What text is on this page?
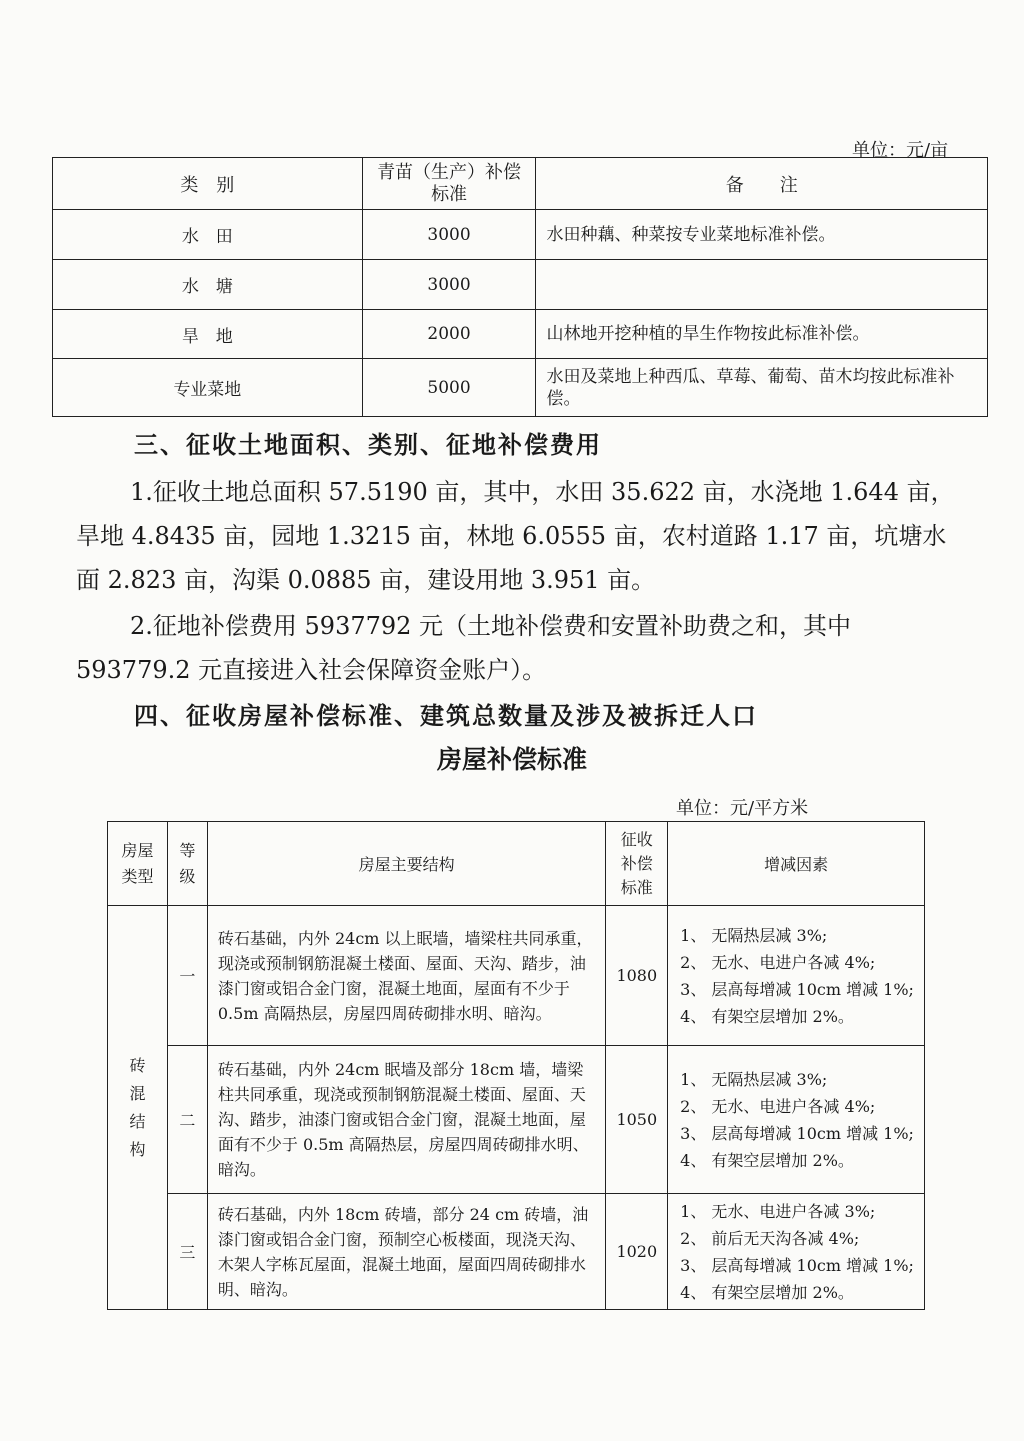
单位：元/亩
类　别	青苗（生产）补偿标准	备　　注
水　田	3000	水田种藕、种菜按专业菜地标准补偿。
水　塘	3000	
旱　地	2000	山林地开挖种植的旱生作物按此标准补偿。
专业菜地	5000	水田及菜地上种西瓜、草莓、葡萄、苗木均按此标准补偿。
三、征收土地面积、类别、征地补偿费用
1.征收土地总面积 57.5190 亩，其中，水田 35.622 亩，水浇地 1.644 亩，旱地 4.8435 亩，园地 1.3215 亩，林地 6.0555 亩，农村道路 1.17 亩，坑塘水面 2.823 亩，沟渠 0.0885 亩，建设用地 3.951 亩。
2.征地补偿费用 5937792 元（土地补偿费和安置补助费之和，其中 593779.2 元直接进入社会保障资金账户）。
四、征收房屋补偿标准、建筑总数量及涉及被拆迁人口
房屋补偿标准
单位：元/平方米
房屋类型	等级	房屋主要结构	征收补偿标准	增减因素
砖混结构	一	砖石基础，内外 24cm 以上眠墙，墙梁柱共同承重，现浇或预制钢筋混凝土楼面、屋面、天沟、踏步，油漆门窗或铝合金门窗，混凝土地面，屋面有不少于 0.5m 高隔热层，房屋四周砖砌排水明、暗沟。	1080	1、 无隔热层减 3%;
2、 无水、电进户各减 4%;
3、 层高每增减 10cm 增减 1%;
4、 有架空层增加 2%。

	二	砖石基础，内外 24cm 眠墙及部分 18cm 墙，墙梁柱共同承重，现浇或预制钢筋混凝土楼面、屋面、天沟、踏步，油漆门窗或铝合金门窗，混凝土地面，屋面有不少于 0.5m 高隔热层，房屋四周砖砌排水明、暗沟。	1050	1、 无隔热层减 3%;
2、 无水、电进户各减 4%;
3、 层高每增减 10cm 增减 1%;
4、 有架空层增加 2%。

	三	砖石基础，内外 18cm 砖墙，部分 24 cm 砖墙，油漆门窗或铝合金门窗，预制空心板楼面，现浇天沟、木架人字栋瓦屋面，混凝土地面，屋面四周砖砌排水明、暗沟。	1020	1、 无水、电进户各减 3%;
2、 前后无天沟各减 4%;
3、 层高每增减 10cm 增减 1%;
4、 有架空层增加 2%。
